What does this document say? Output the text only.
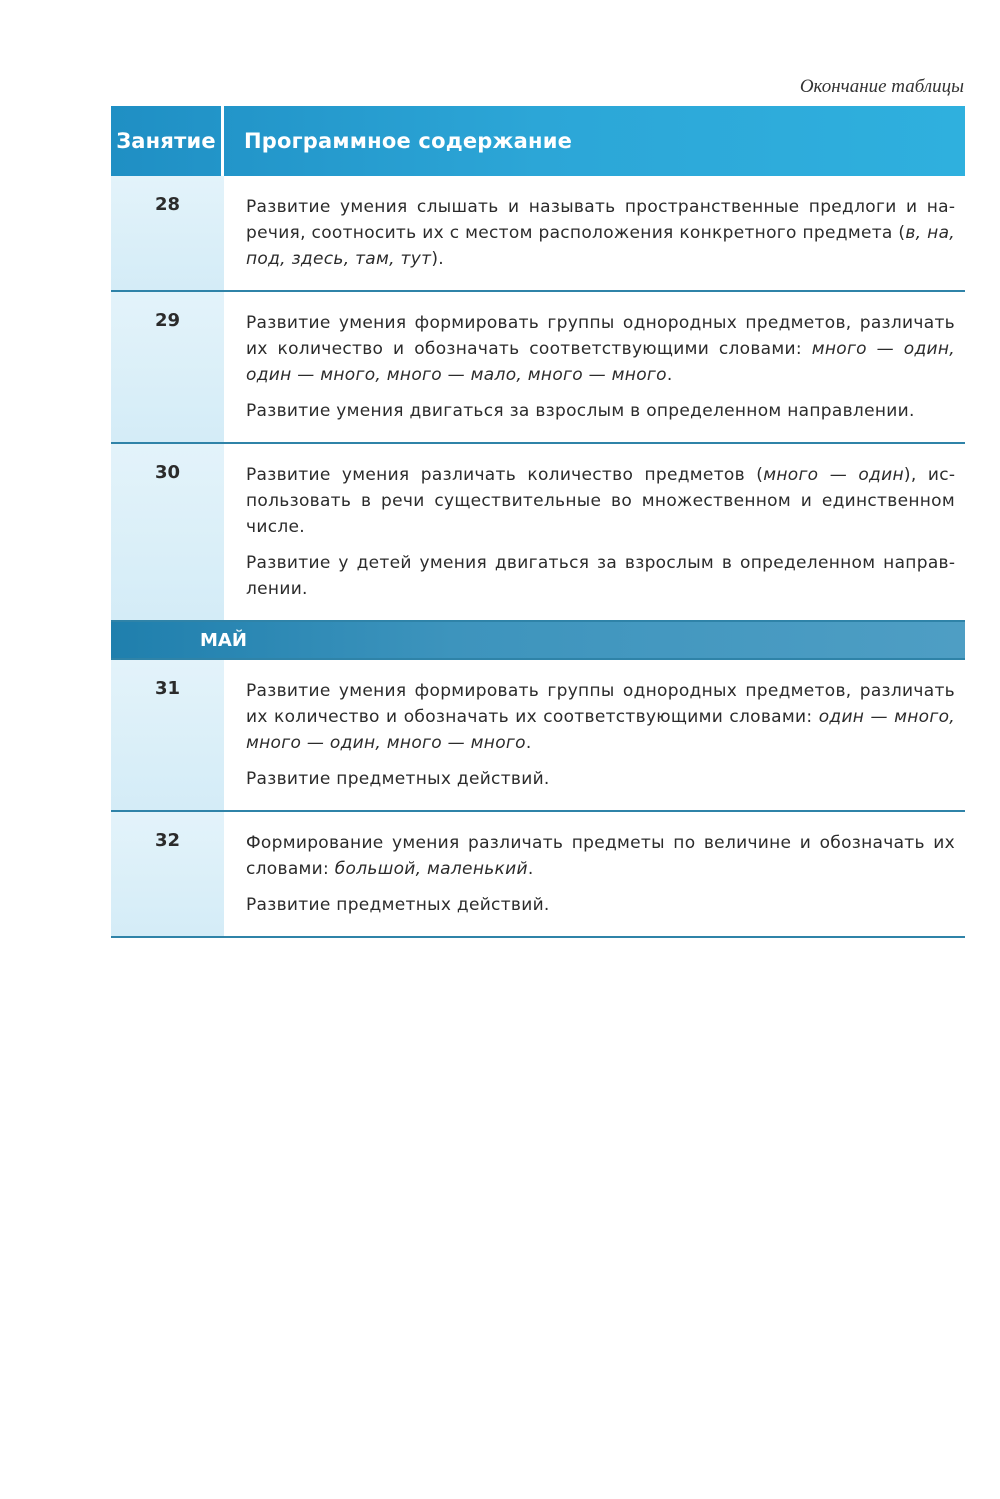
Окончание таблицы
Занятие	Программное содержание
28	Развитие умения слышать и называть пространственные предлоги и наречия, соотносить их с местом расположения конкретного предмета (в, на, под, здесь, там, тут).

29	Развитие умения формировать группы однородных предметов, различать их количество и обозначать соответствующими словами: много — один, один — много, много — мало, много — много.

Развитие умения двигаться за взрослым в определенном направлении.

30	Развитие умения различать количество предметов (много — один), использовать в речи существительные во множественном и единственном числе.

Развитие у детей умения двигаться за взрослым в определенном направлении.

МАЙ
31	Развитие умения формировать группы однородных предметов, различать их количество и обозначать их соответствующими словами: один — много, много — один, много — много.

Развитие предметных действий.

32	Формирование умения различать предметы по величине и обозначать их словами: большой, маленький.

Развитие предметных действий.
